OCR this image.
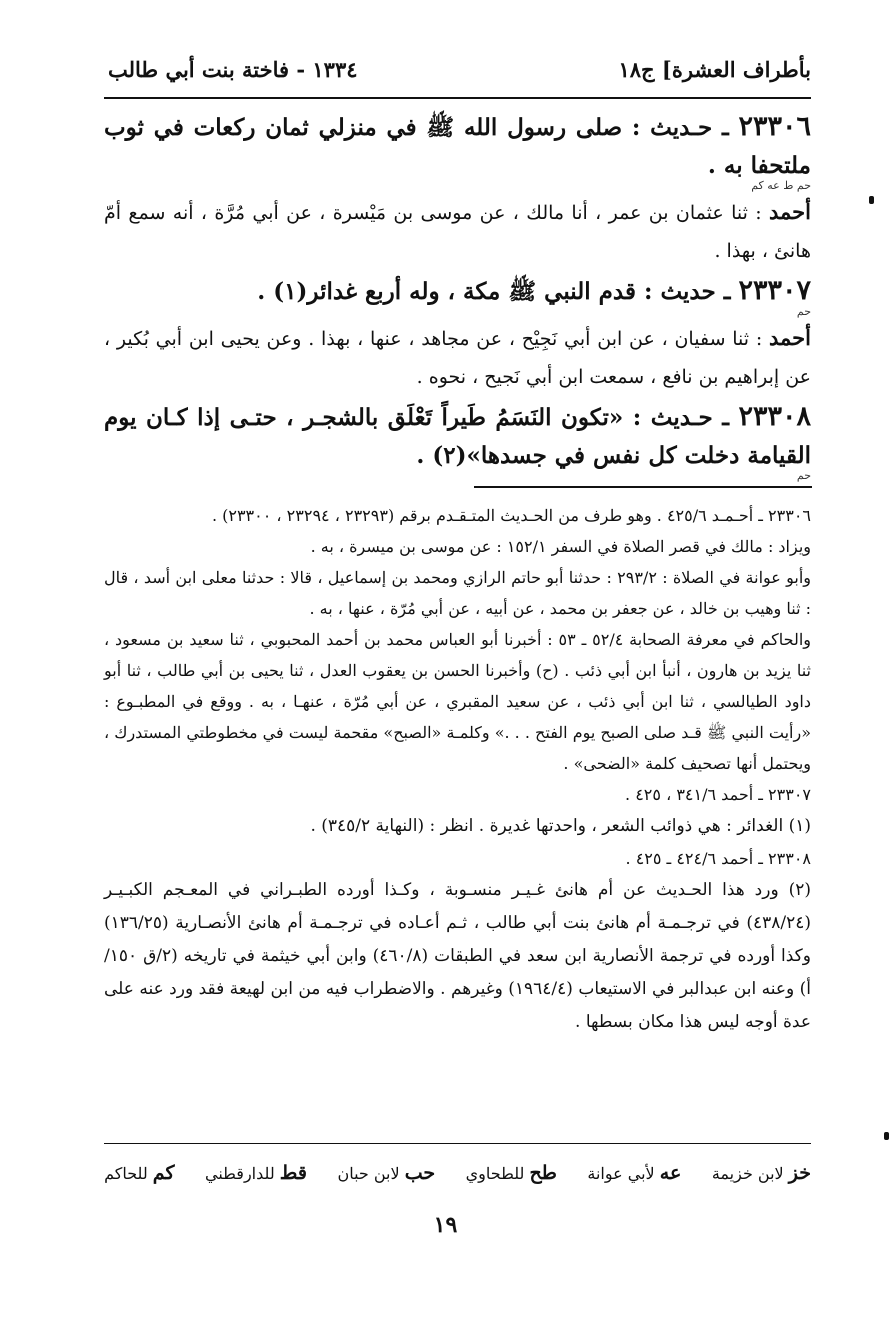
بأطراف العشرة] ج١٨
١٣٣٤ - فاختة بنت أبي طالب

٢٣٣٠٦ ـ حـديث : صلى رسول الله ﷺ في منزلي ثمان ركعات في ثوب ملتحفا به .
حم ط عه كم

أحمد : ثنا عثمان بن عمر ، أنا مالك ، عن موسى بن مَيْسرة ، عن أبي مُرَّة ، أنه سمع أمّ هانئ ، بهذا .

٢٣٣٠٧ ـ حديث : قدم النبي ﷺ مكة ، وله أربع غدائر(١) .
حم

أحمد : ثنا سفيان ، عن ابن أبي نَجِيْح ، عن مجاهد ، عنها ، بهذا . وعن يحيى ابن أبي بُكير ، عن إبراهيم بن نافع ، سمعت ابن أبي نَجيح ، نحوه .

٢٣٣٠٨ ـ حـديث : «تكون النَسَمُ طَيراً تَعْلَق بالشجـر ، حتـى إذا كـان يوم القيامة دخلت كل نفس في جسدها»(٢) .
حم

٢٣٣٠٦ ـ أحـمـد ٤٢٥/٦ . وهو طرف من الحـديث المتـقـدم برقم (٢٣٢٩٣ ، ٢٣٢٩٤ ، ٢٣٣٠٠) .

ويزاد : مالك في قصر الصلاة في السفر ١٥٢/١ : عن موسى بن ميسرة ، به .

وأبو عوانة في الصلاة : ٢٩٣/٢ : حدثنا أبو حاتم الرازي ومحمد بن إسماعيل ، قالا : حدثنا معلى ابن أسد ، قال : ثنا وهيب بن خالد ، عن جعفر بن محمد ، عن أبيه ، عن أبي مُرّة ، عنها ، به .

والحاكم في معرفة الصحابة ٥٢/٤ ـ ٥٣ : أخبرنا أبو العباس محمد بن أحمد المحبوبي ، ثنا سعيد بن مسعود ، ثنا يزيد بن هارون ، أنبأ ابن أبي ذئب . (ح) وأخبرنا الحسن بن يعقوب العدل ، ثنا يحيى بن أبي طالب ، ثنا أبو داود الطيالسي ، ثنا ابن أبي ذئب ، عن سعيد المقبري ، عن أبي مُرّة ، عنهـا ، به . ووقع في المطبـوع : «رأيت النبي ﷺ قـد صلى الصبح يوم الفتح . . .» وكلمـة «الصبح» مقحمة ليست في مخطوطتي المستدرك ، ويحتمل أنها تصحيف كلمة «الضحى» .

٢٣٣٠٧ ـ أحمد ٣٤١/٦ ، ٤٢٥ .

(١) الغدائر : هي ذوائب الشعر ، واحدتها غديرة . انظر : (النهاية ٣٤٥/٢) .

٢٣٣٠٨ ـ أحمد ٤٢٤/٦ ـ ٤٢٥ .

(٢) ورد هذا الحـديث عن أم هانئ غـيـر منسـوبة ، وكـذا أورده الطبـراني في المعـجم الكبـيـر (٤٣٨/٢٤) في ترجـمـة أم هانئ بنت أبي طالب ، ثـم أعـاده في ترجـمـة أم هانئ الأنصـارية (١٣٦/٢٥) وكذا أورده في ترجمة الأنصارية ابن سعد في الطبقات (٤٦٠/٨) وابن أبي خيثمة في تاريخه (٢/ق ١٥٠/أ) وعنه ابن عبدالبر في الاستيعاب (١٩٦٤/٤) وغيرهم . والاضطراب فيه من ابن لهيعة فقد ورد عنه على عدة أوجه ليس هذا مكان بسطها .

خز لابن خزيمة
عه لأبي عوانة
طح للطحاوي
حب لابن حبان
قط للدارقطني
كم للحاكم
١٩
